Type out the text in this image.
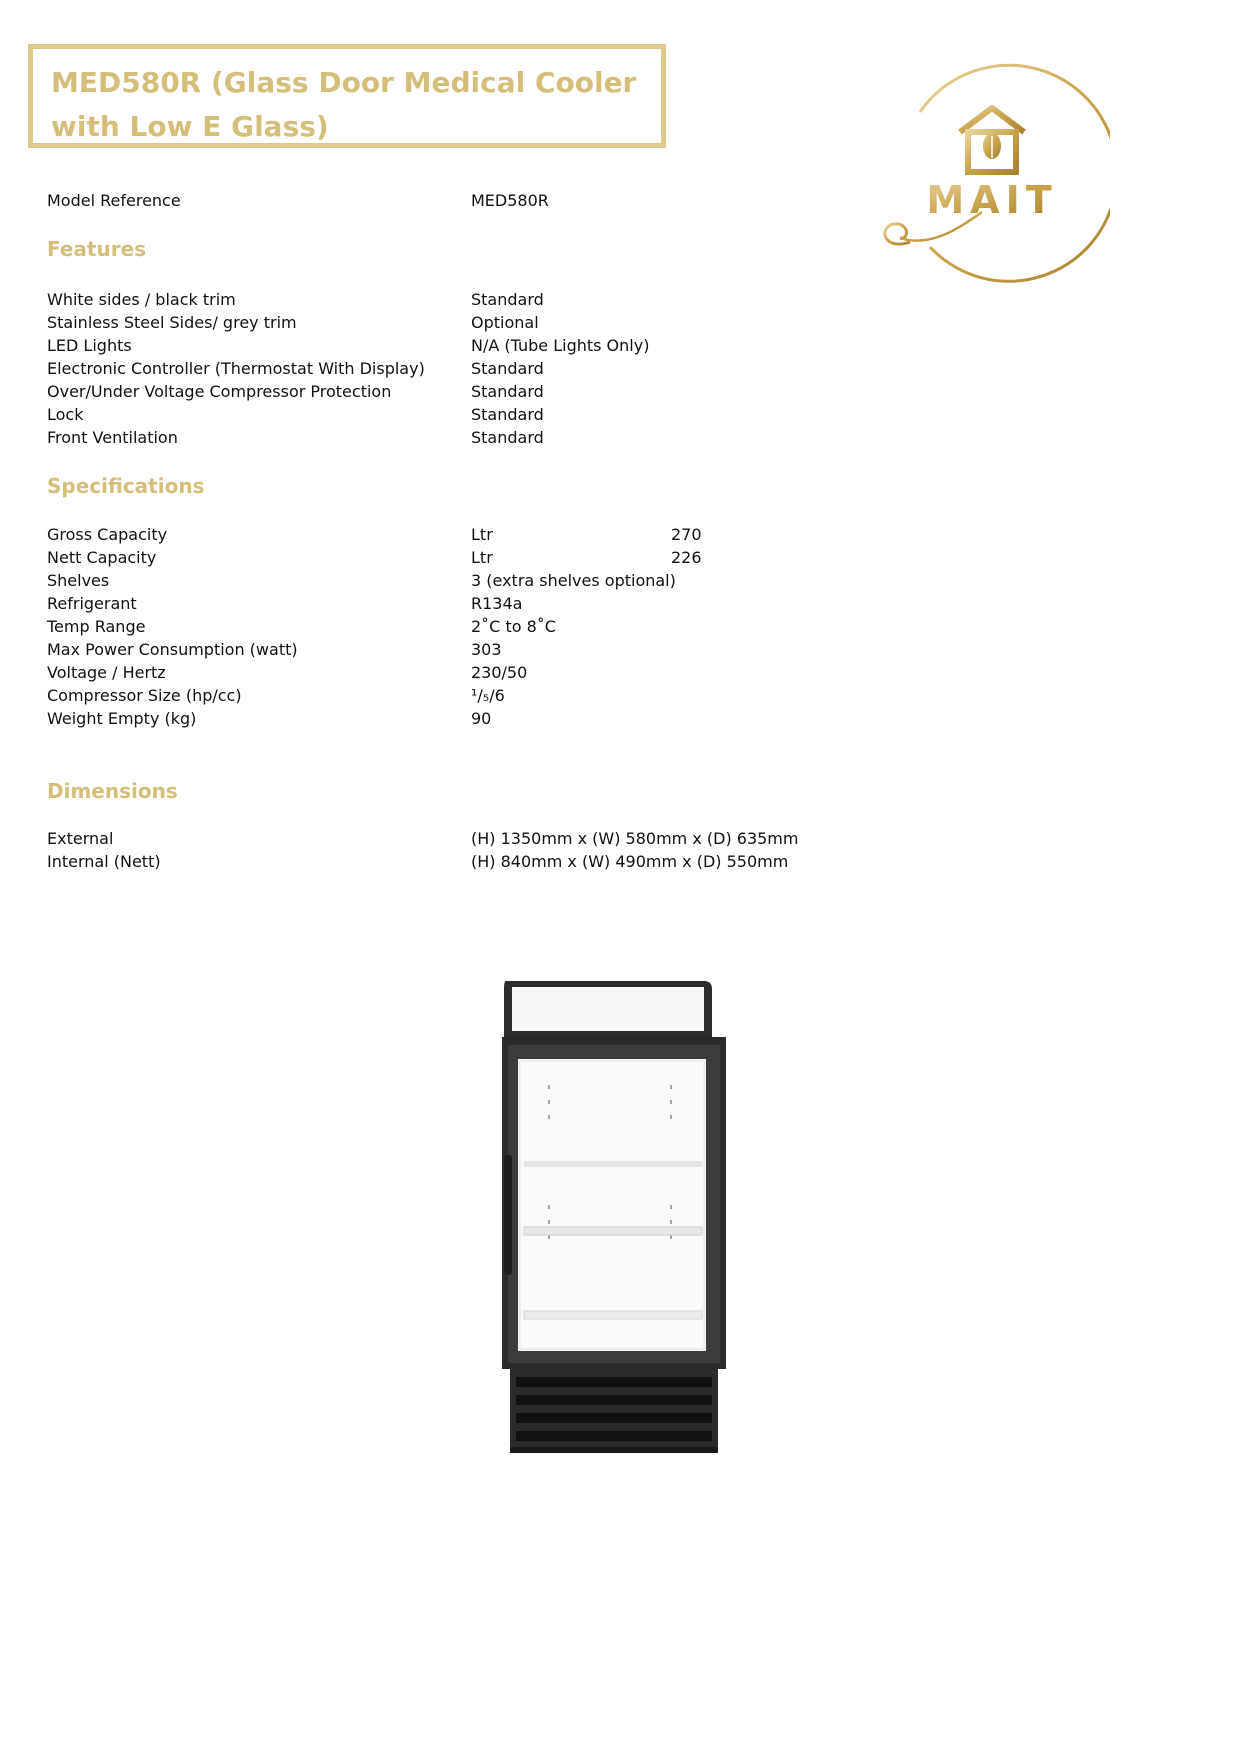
MED580R (Glass Door Medical Cooler with Low E Glass)
MAIT
Model Reference	MED580R
Features
White sides / black trim	Standard
Stainless Steel Sides/ grey trim	Optional
LED Lights	N/A (Tube Lights Only)
Electronic Controller (Thermostat With Display)	Standard
Over/Under Voltage Compressor Protection	Standard
Lock	Standard
Front Ventilation	Standard
Specifications
Gross Capacity	Ltr	270
Nett Capacity	Ltr	226
Shelves	3 (extra shelves optional)
Refrigerant	R134a
Temp Range	2˚C to 8˚C
Max Power Consumption (watt)	303
Voltage / Hertz	230/50
Compressor Size (hp/cc)	¹/₅/6
Weight Empty (kg)	90
Dimensions
External	(H) 1350mm x (W) 580mm x (D) 635mm
Internal (Nett)	(H) 840mm x (W) 490mm x (D) 550mm
